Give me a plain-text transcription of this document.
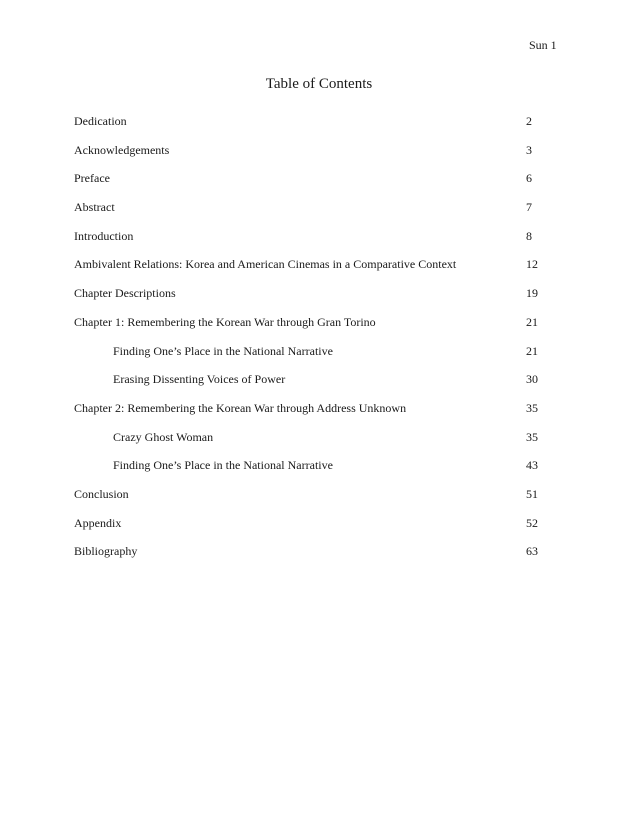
Sun 1
Table of Contents
Dedication	2
Acknowledgements	3
Preface	6
Abstract	7
Introduction	8
Ambivalent Relations: Korea and American Cinemas in a Comparative Context	12
Chapter Descriptions	19
Chapter 1: Remembering the Korean War through Gran Torino	21
Finding One’s Place in the National Narrative	21
Erasing Dissenting Voices of Power	30
Chapter 2: Remembering the Korean War through Address Unknown	35
Crazy Ghost Woman	35
Finding One’s Place in the National Narrative	43
Conclusion	51
Appendix	52
Bibliography	63
